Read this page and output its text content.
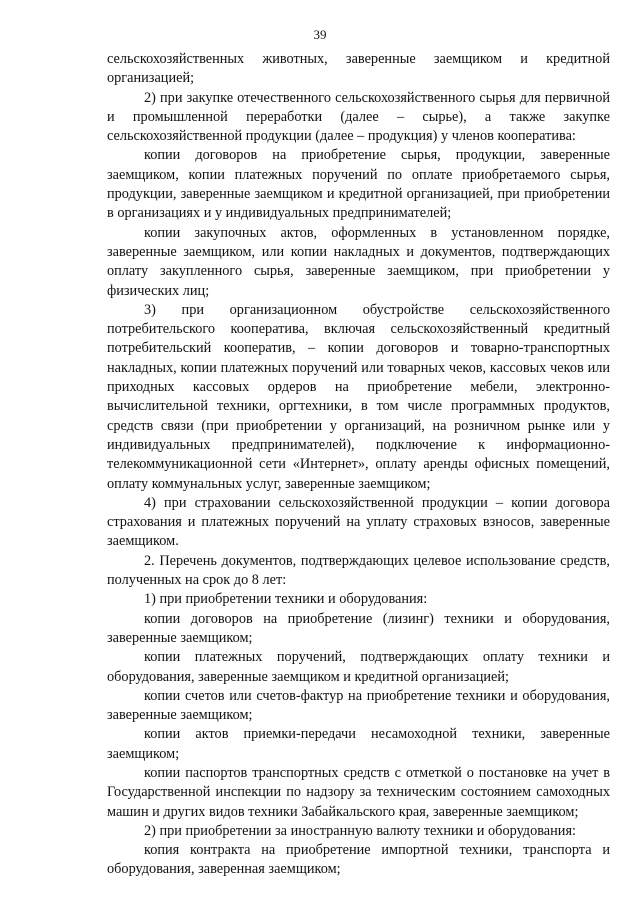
39

сельскохозяйственных животных, заверенные заемщиком и кредитной организацией;

2) при закупке отечественного сельскохозяйственного сырья для первичной и промышленной переработки (далее – сырье), а также закупке сельскохозяйственной продукции (далее – продукция) у членов кооператива:

копии договоров на приобретение сырья, продукции, заверенные заемщиком, копии платежных поручений по оплате приобретаемого сырья, продукции, заверенные заемщиком и кредитной организацией, при приобретении в организациях и у индивидуальных предпринимателей;

копии закупочных актов, оформленных в установленном порядке, заверенные заемщиком, или копии накладных и документов, подтверждающих оплату закупленного сырья, заверенные заемщиком, при приобретении у физических лиц;

3) при организационном обустройстве сельскохозяйственного потребительского кооператива, включая сельскохозяйственный кредитный потребительский кооператив, – копии договоров и товарно-транспортных накладных, копии платежных поручений или товарных чеков, кассовых чеков или приходных кассовых ордеров на приобретение мебели, электронно-вычислительной техники, оргтехники, в том числе программных продуктов, средств связи (при приобретении у организаций, на розничном рынке или у индивидуальных предпринимателей), подключение к информационно-телекоммуникационной сети «Интернет», оплату аренды офисных помещений, оплату коммунальных услуг, заверенные заемщиком;

4) при страховании сельскохозяйственной продукции – копии договора страхования и платежных поручений на уплату страховых взносов, заверенные заемщиком.

2. Перечень документов, подтверждающих целевое использование средств, полученных на срок до 8 лет:

1) при приобретении техники и оборудования:

копии договоров на приобретение (лизинг) техники и оборудования, заверенные заемщиком;

копии платежных поручений, подтверждающих оплату техники и оборудования, заверенные заемщиком и кредитной организацией;

копии счетов или счетов-фактур на приобретение техники и оборудования, заверенные заемщиком;

копии актов приемки-передачи несамоходной техники, заверенные заемщиком;

копии паспортов транспортных средств с отметкой о постановке на учет в Государственной инспекции по надзору за техническим состоянием самоходных машин и других видов техники Забайкальского края, заверенные заемщиком;

2) при приобретении за иностранную валюту техники и оборудования:

копия контракта на приобретение импортной техники, транспорта и оборудования, заверенная заемщиком;
